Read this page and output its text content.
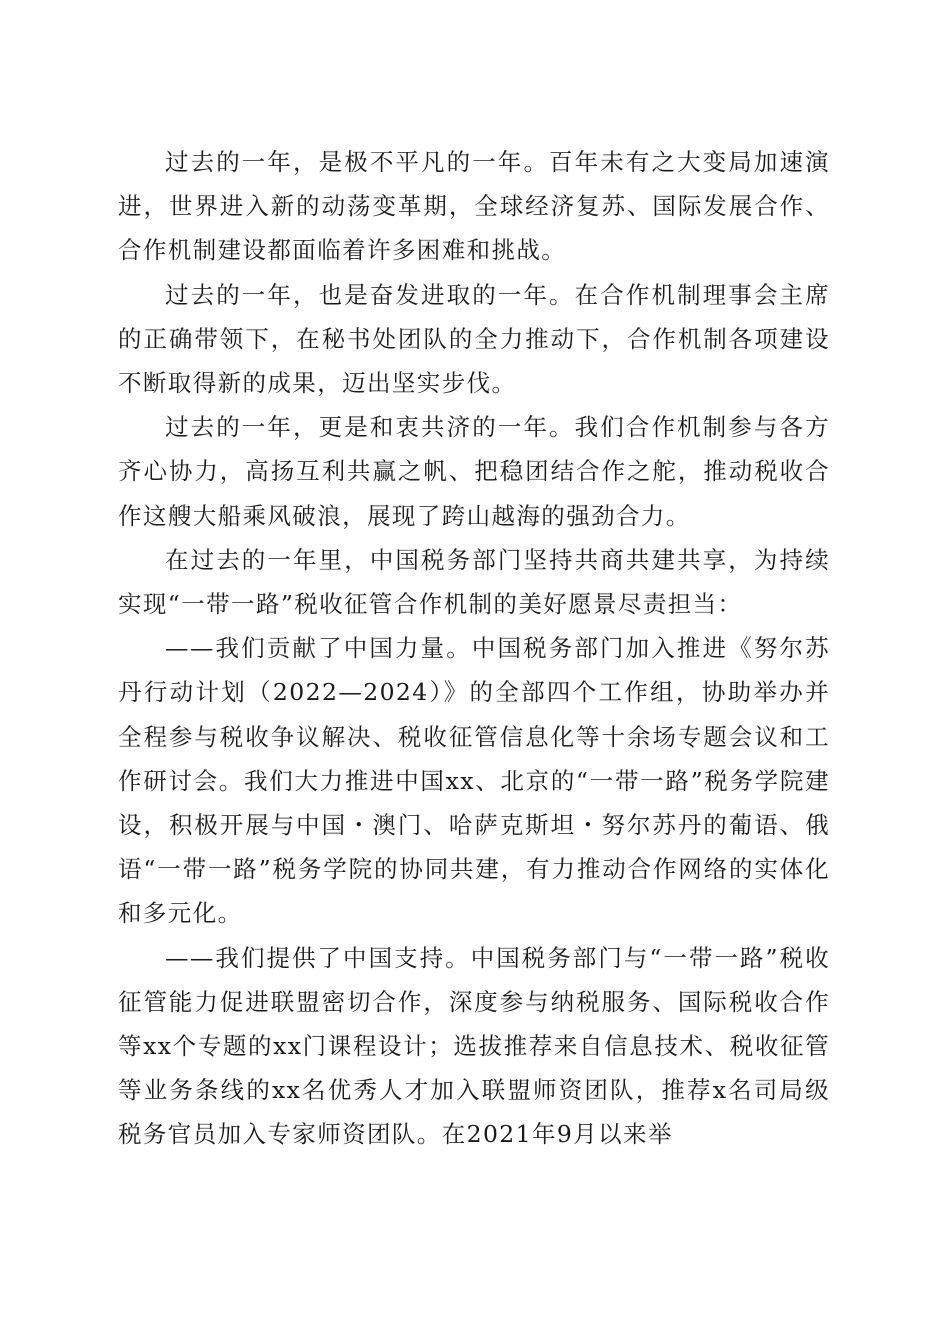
过去的一年，是极不平凡的一年。百年未有之大变局加速演进，世界进入新的动荡变革期，全球经济复苏、国际发展合作、合作机制建设都面临着许多困难和挑战。

过去的一年，也是奋发进取的一年。在合作机制理事会主席的正确带领下，在秘书处团队的全力推动下，合作机制各项建设不断取得新的成果，迈出坚实步伐。

过去的一年，更是和衷共济的一年。我们合作机制参与各方齐心协力，高扬互利共赢之帆、把稳团结合作之舵，推动税收合作这艘大船乘风破浪，展现了跨山越海的强劲合力。

在过去的一年里，中国税务部门坚持共商共建共享，为持续实现“一带一路”税收征管合作机制的美好愿景尽责担当：

——我们贡献了中国力量。中国税务部门加入推进《努尔苏丹行动计划（2022—2024）》的全部四个工作组，协助举办并全程参与税收争议解决、税收征管信息化等十余场专题会议和工作研讨会。我们大力推进中国xx、北京的“一带一路”税务学院建设，积极开展与中国・澳门、哈萨克斯坦・努尔苏丹的葡语、俄语“一带一路”税务学院的协同共建，有力推动合作网络的实体化和多元化。

——我们提供了中国支持。中国税务部门与“一带一路”税收征管能力促进联盟密切合作，深度参与纳税服务、国际税收合作等xx个专题的xx门课程设计；选拔推荐来自信息技术、税收征管等业务条线的xx名优秀人才加入联盟师资团队，推荐x名司局级税务官员加入专家师资团队。在2021年9月以来举
